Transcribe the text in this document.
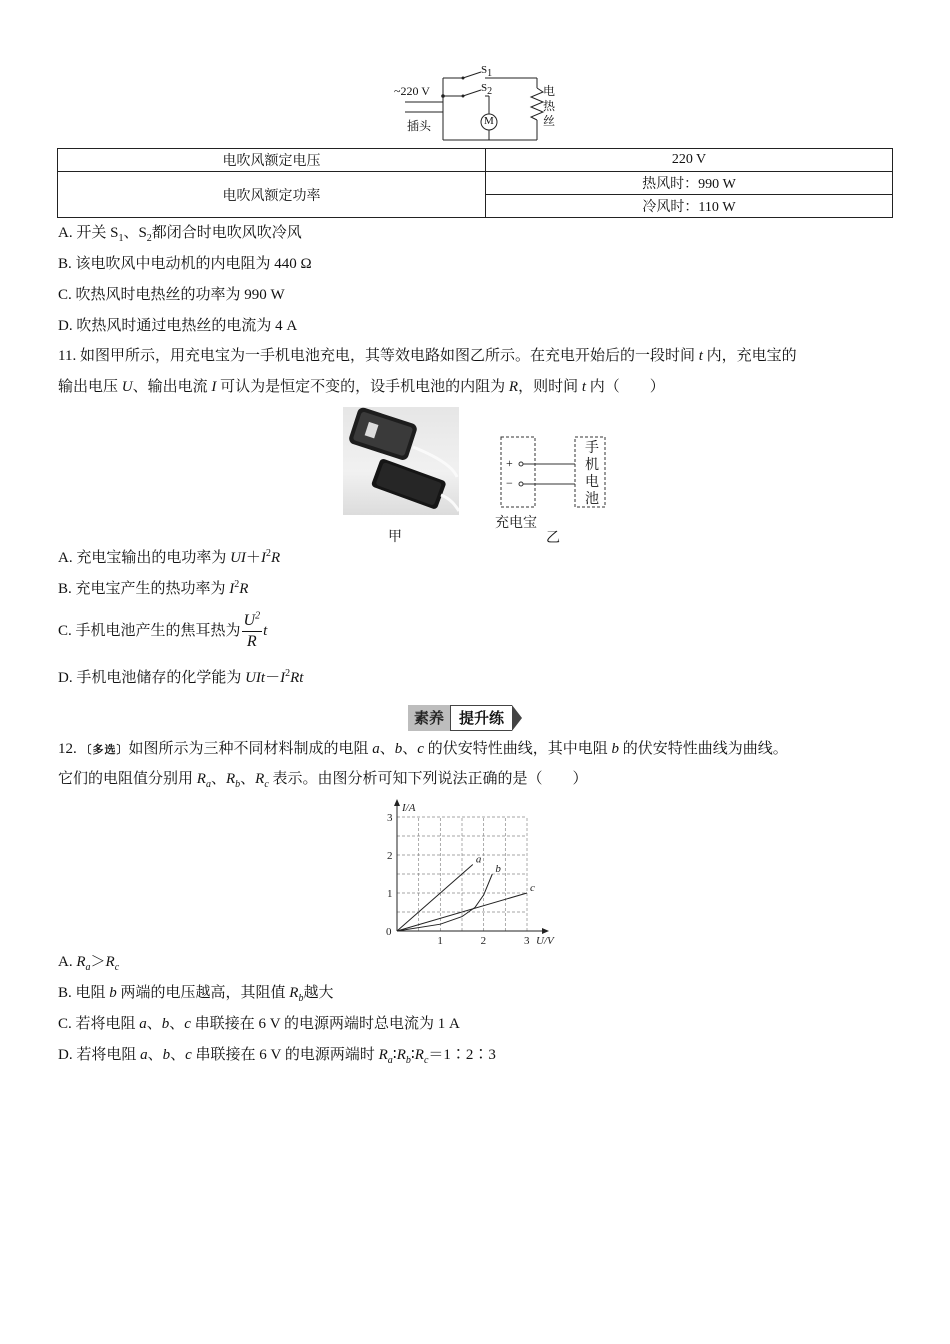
~220 V
$S_1$
$S_2$
M
插头
电
热
丝
电吹风额定电压	220 V
电吹风额定功率	热风时：990 W
	冷风时：110 W
A. 开关 $S_1$、$S_2$都闭合时电吹风吹冷风
B. 该电吹风中电动机的内电阻为 440 Ω
C. 吹热风时电热丝的功率为 990 W
D. 吹热风时通过电热丝的电流为 4 A
11. 如图甲所示，用充电宝为一手机电池充电，其等效电路如图乙所示。在充电开始后的一段时间 t 内，充电宝的
输出电压 U、输出电流 I 可认为是恒定不变的，设手机电池的内阻为 R，则时间 t 内（　　）
甲
+
−
手
机
电
池
充电宝
乙
A. 充电宝输出的电功率为 $UI+I^2R$
B. 充电宝产生的热功率为 $I^2R$
C. 手机电池产生的焦耳热为 $\frac{U^2}{R}$ t
D. 手机电池储存的化学能为 $UIt-I^2Rt$
素养	提升练
12. 〔多选〕如图所示为三种不同材料制成的电阻 a、b、c 的伏安特性曲线，其中电阻 b 的伏安特性曲线为曲线。
它们的电阻值分别用 $R_a$、$R_b$、$R_c$ 表示。由图分析可知下列说法正确的是（　　）
1	2	3
1
2
3
0
U/V
I/A
a
b
c
A. $R_a>R_c$
B. 电阻 b 两端的电压越高，其阻值 $R_b$越大
C. 若将电阻 a、b、c 串联接在 6 V 的电源两端时总电流为 1 A
D. 若将电阻 a、b、c 串联接在 6 V 的电源两端时 $R_a∶R_b∶R_c=1∶2∶3$
